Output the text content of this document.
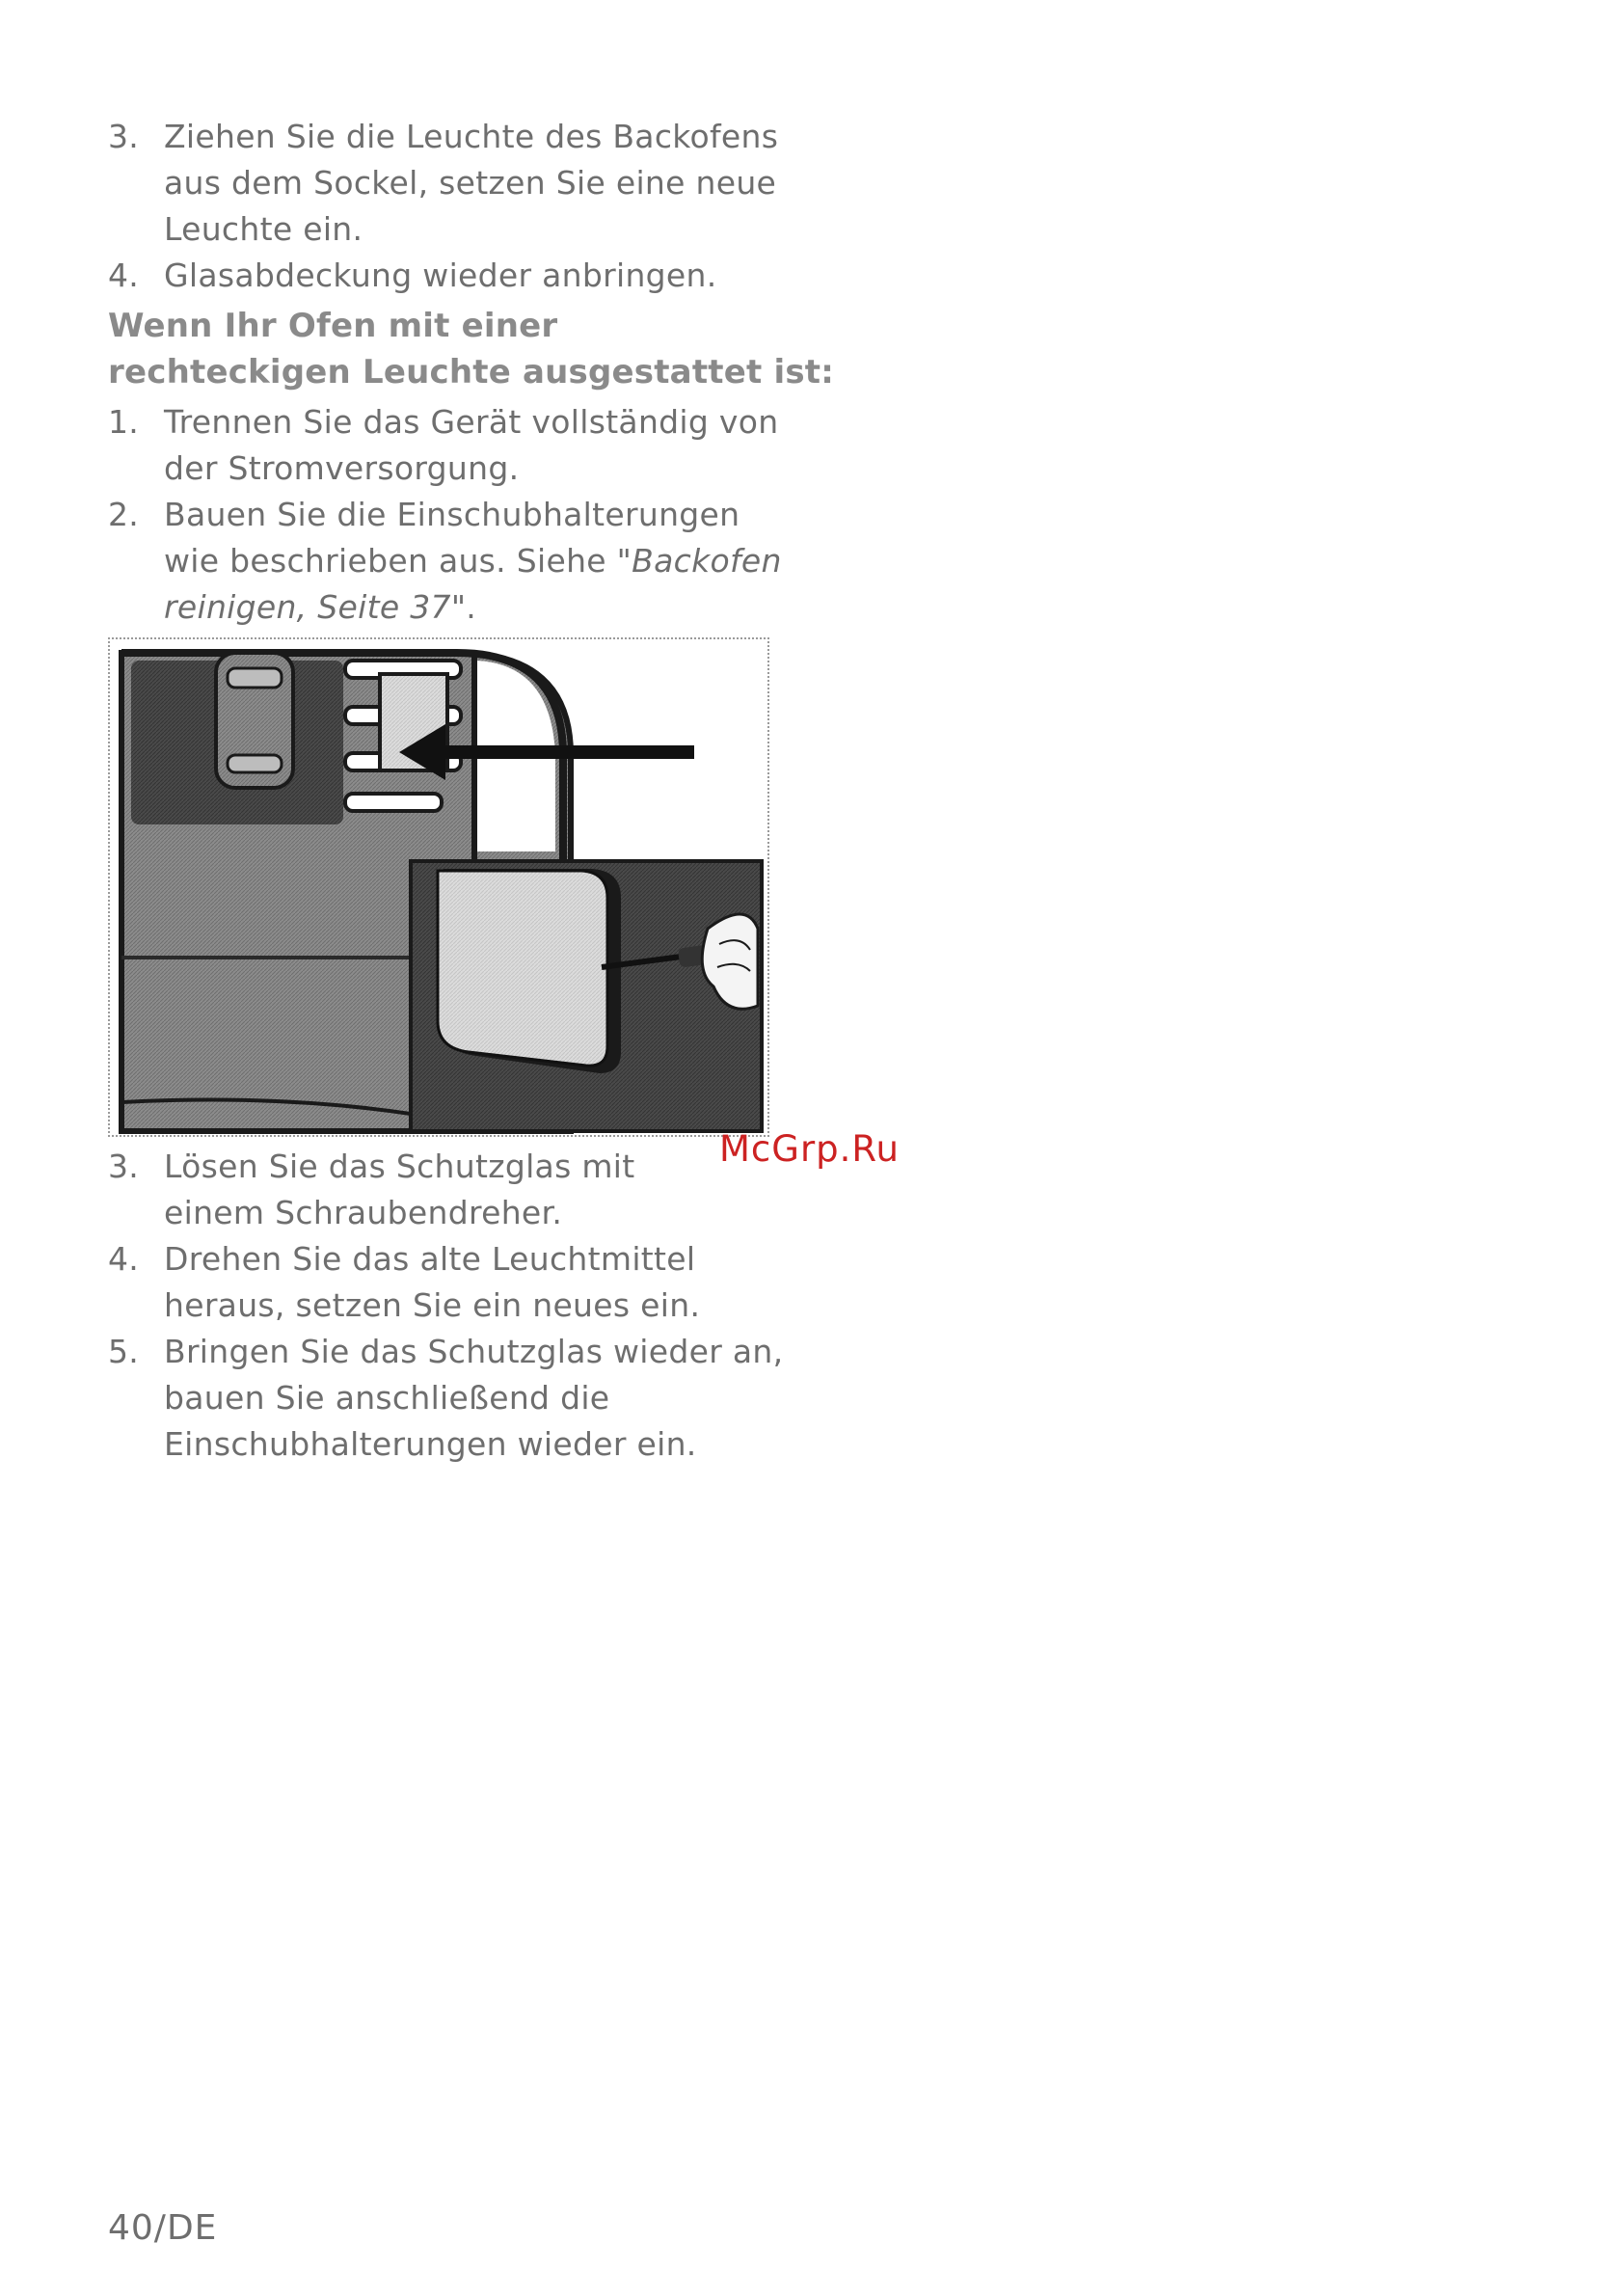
3. Ziehen Sie die Leuchte des Backofens aus dem Sockel, setzen Sie eine neue Leuchte ein.
4. Glasabdeckung wieder anbringen.
Wenn Ihr Ofen mit einer
rechteckigen Leuchte ausgestattet ist:
1. Trennen Sie das Gerät vollständig von der Stromversorgung.
2. Bauen Sie die Einschubhalterungen wie beschrieben aus. Siehe "Backofen reinigen, Seite 37".
3. Lösen Sie das Schutzglas mit einem Schraubendreher.
4. Drehen Sie das alte Leuchtmittel heraus, setzen Sie ein neues ein.
5. Bringen Sie das Schutzglas wieder an, bauen Sie anschließend die Einschubhalterungen wieder ein.
McGrp.Ru
40/DE
